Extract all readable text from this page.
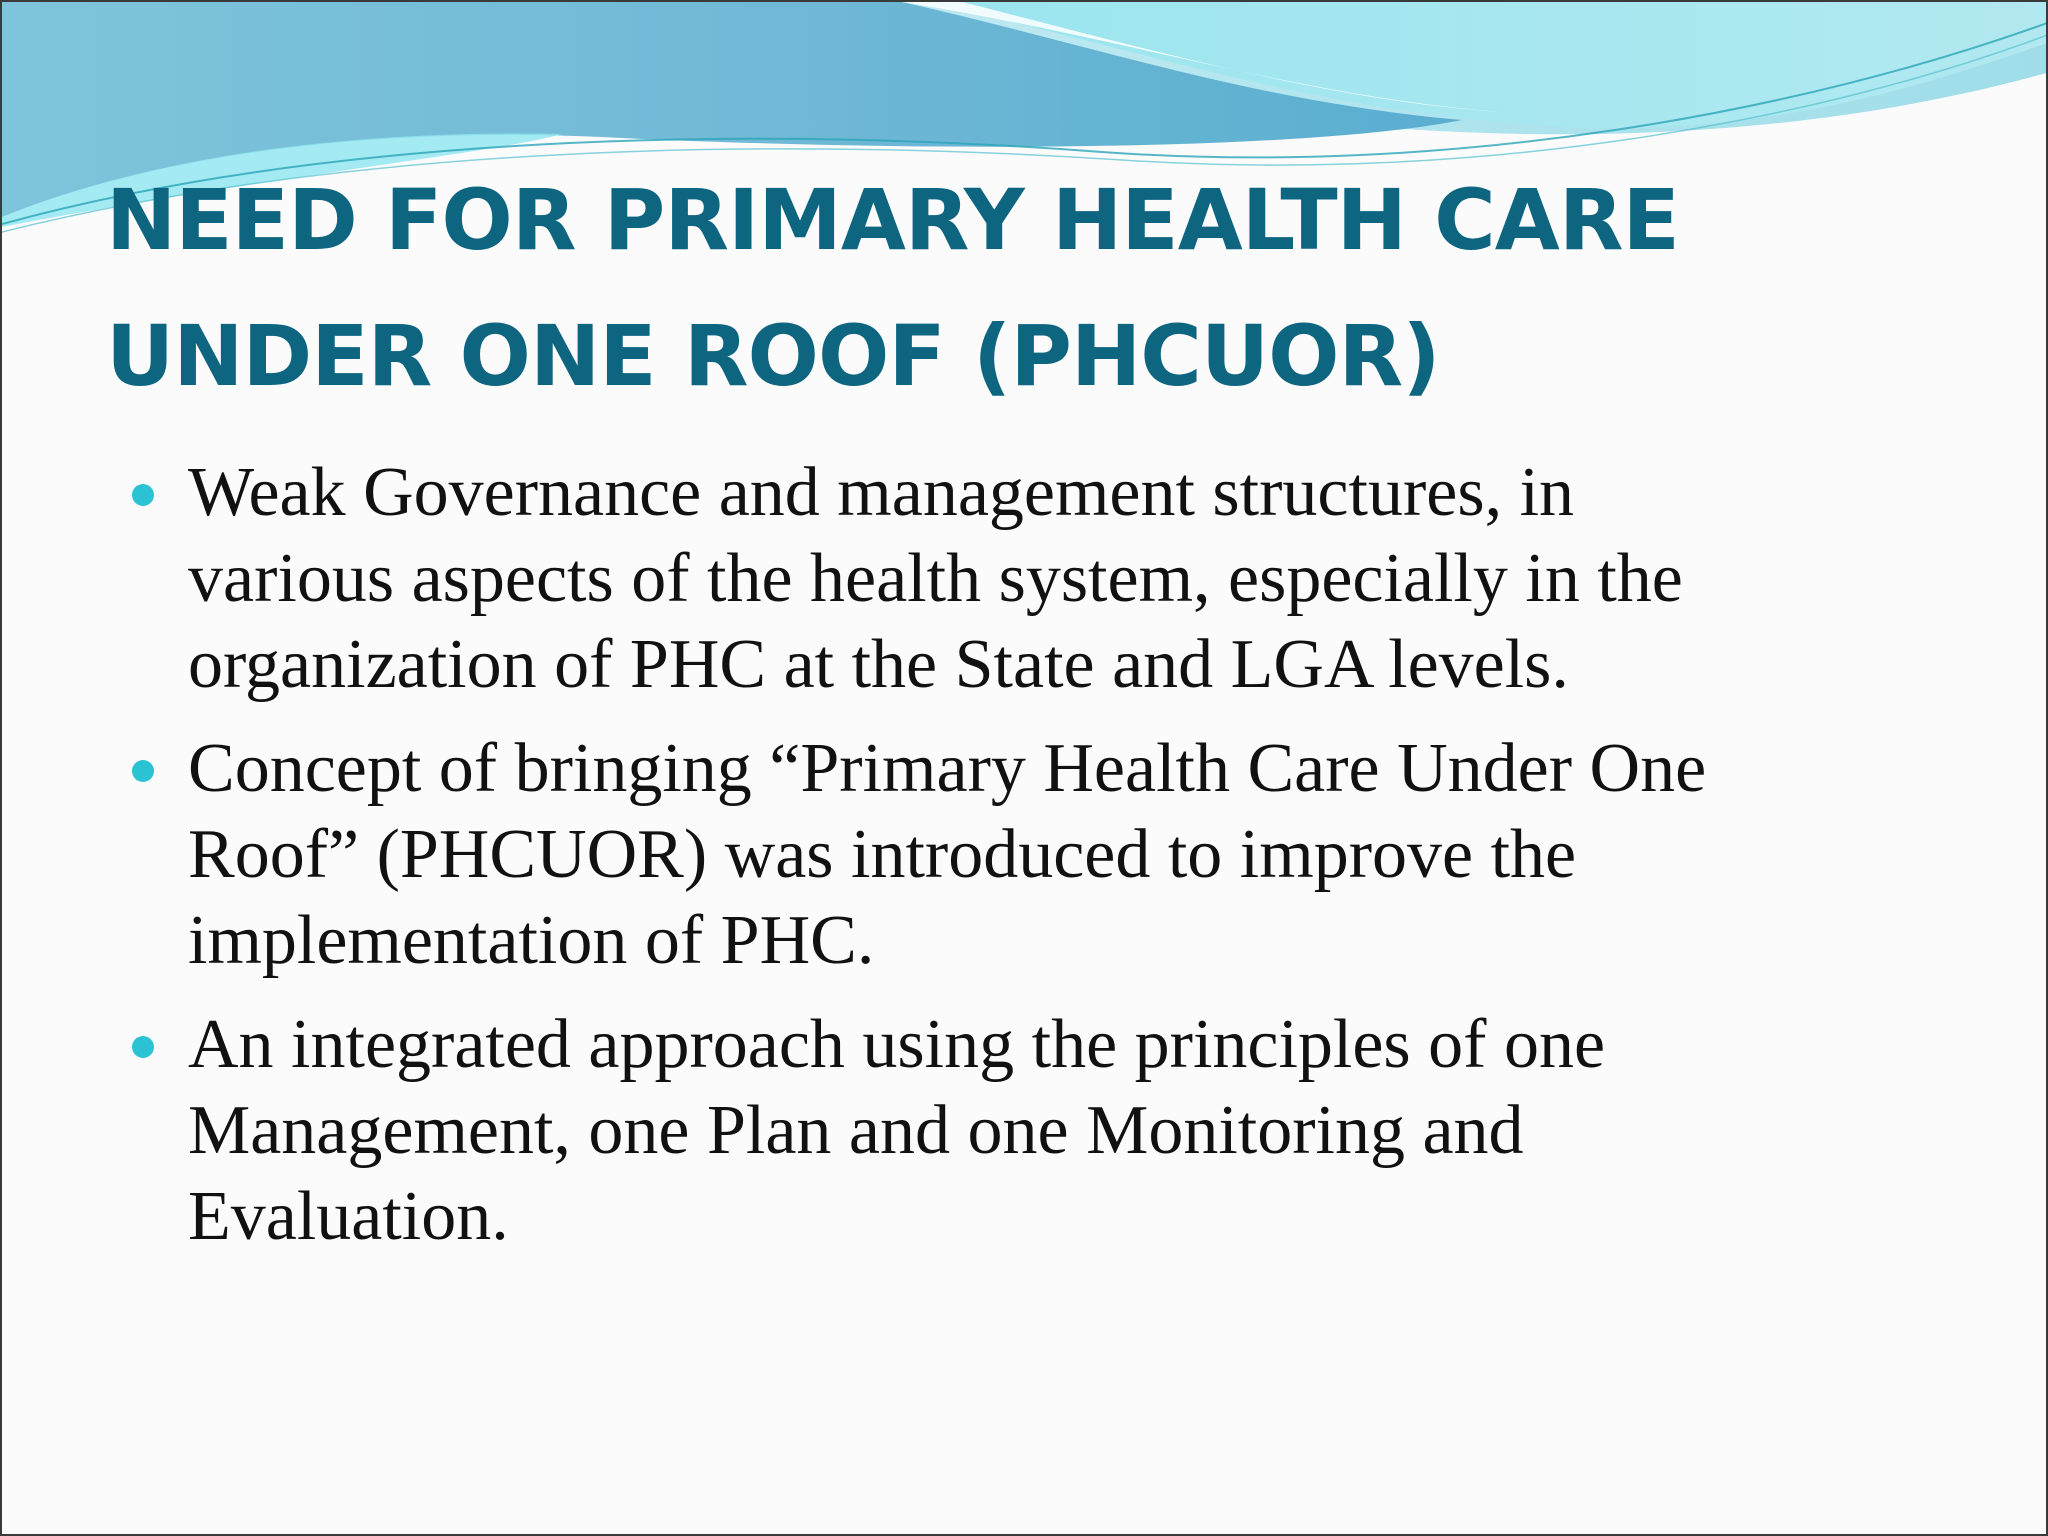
NEED FOR PRIMARY HEALTH CARE
UNDER ONE ROOF (PHCUOR)
Weak Governance and management structures, in
various aspects of the health system, especially in the
organization of PHC at the State and LGA levels.
Concept of bringing “Primary Health Care Under One
Roof” (PHCUOR) was introduced to improve the
implementation of PHC.
An integrated approach using the principles of one
Management, one Plan and one Monitoring and
Evaluation.
